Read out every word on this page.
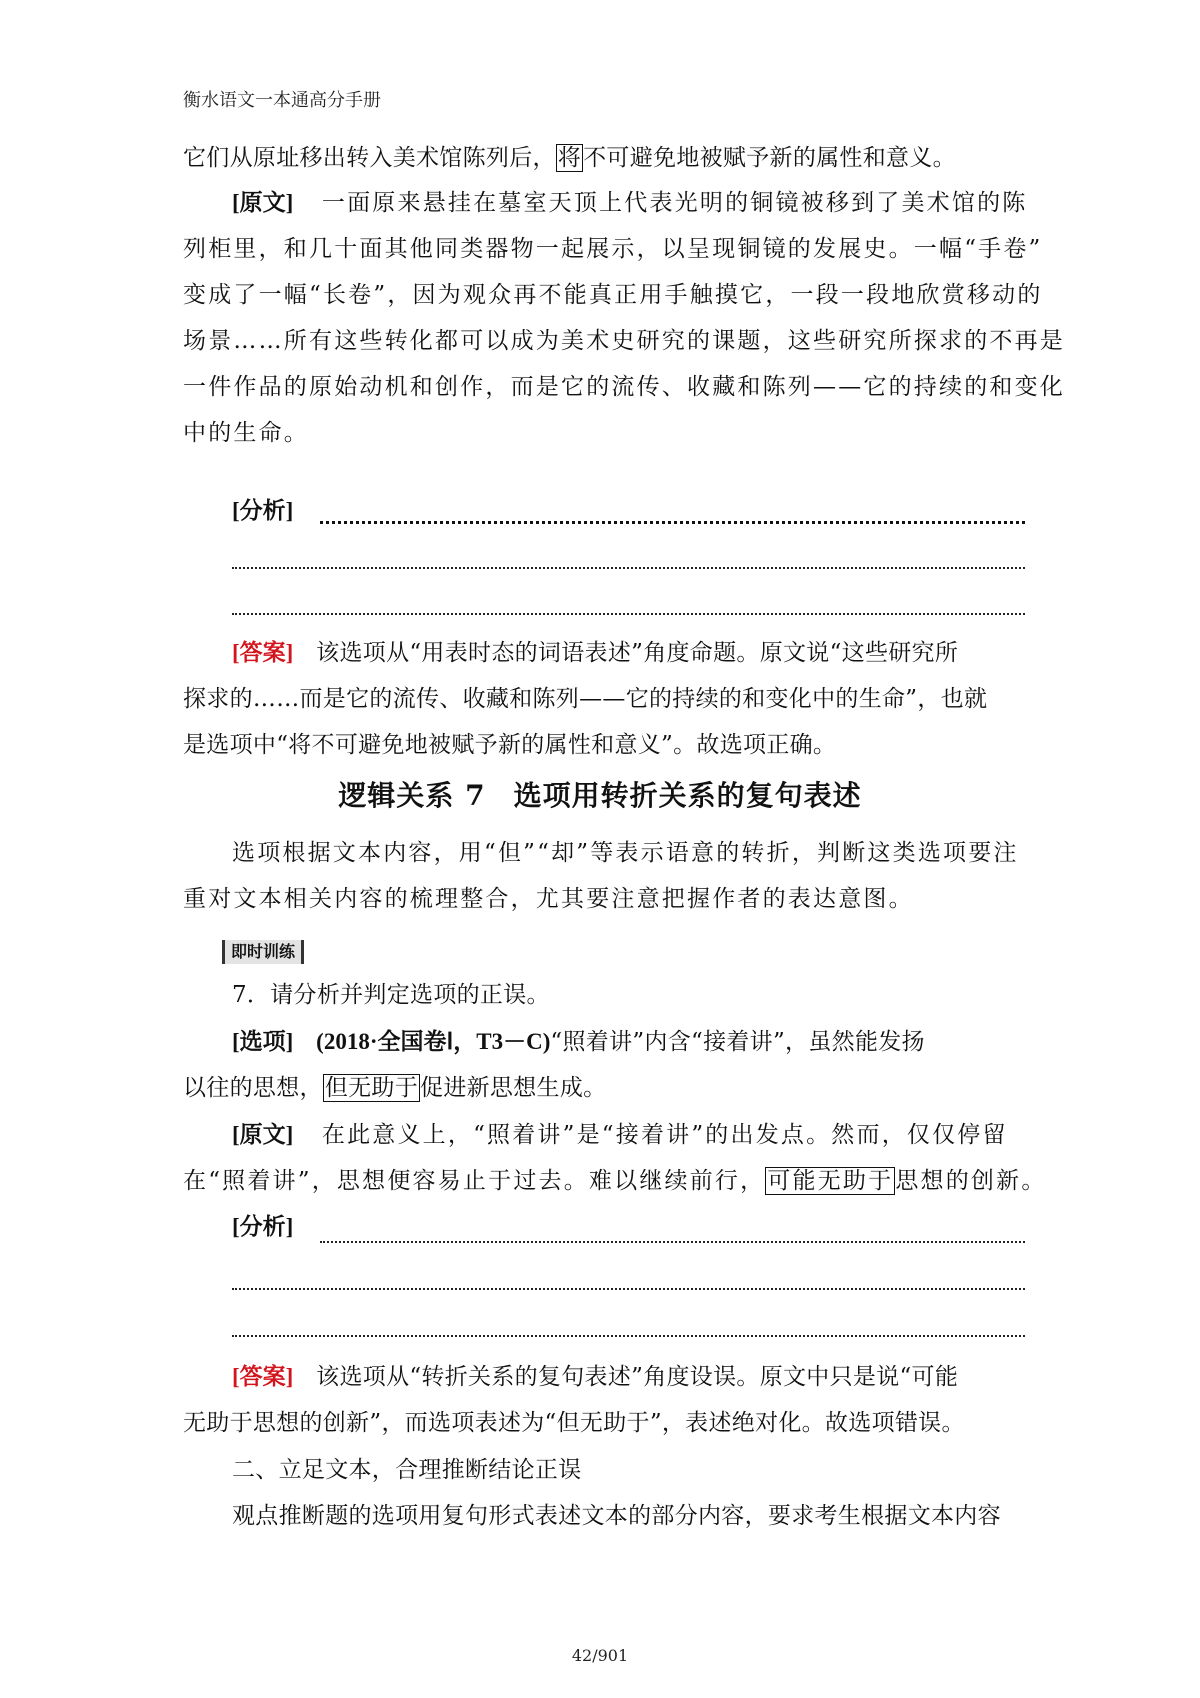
衡水语文一本通高分手册
它们从原址移出转入美术馆陈列后，将不可避免地被赋予新的属性和意义。
[原文] 一面原来悬挂在墓室天顶上代表光明的铜镜被移到了美术馆的陈
列柜里，和几十面其他同类器物一起展示，以呈现铜镜的发展史。一幅“手卷”
变成了一幅“长卷”，因为观众再不能真正用手触摸它，一段一段地欣赏移动的
场景……所有这些转化都可以成为美术史研究的课题，这些研究所探求的不再是
一件作品的原始动机和创作，而是它的流传、收藏和陈列——它的持续的和变化
中的生命。
[分析]
[答案] 该选项从“用表时态的词语表述”角度命题。原文说“这些研究所
探求的……而是它的流传、收藏和陈列——它的持续的和变化中的生命”，也就
是选项中“将不可避免地被赋予新的属性和意义”。故选项正确。
逻辑关系 7 选项用转折关系的复句表述
选项根据文本内容，用“但”“却”等表示语意的转折，判断这类选项要注
重对文本相关内容的梳理整合，尤其要注意把握作者的表达意图。
即时训练
7．请分析并判定选项的正误。
[选项] (2018·全国卷Ⅰ，T3－C)“照着讲”内含“接着讲”，虽然能发扬
以往的思想，但无助于促进新思想生成。
[原文] 在此意义上，“照着讲”是“接着讲”的出发点。然而，仅仅停留
在“照着讲”，思想便容易止于过去。难以继续前行，可能无助于思想的创新。
[分析]
[答案] 该选项从“转折关系的复句表述”角度设误。原文中只是说“可能
无助于思想的创新”，而选项表述为“但无助于”，表述绝对化。故选项错误。
二、立足文本，合理推断结论正误
观点推断题的选项用复句形式表述文本的部分内容，要求考生根据文本内容
42/901
